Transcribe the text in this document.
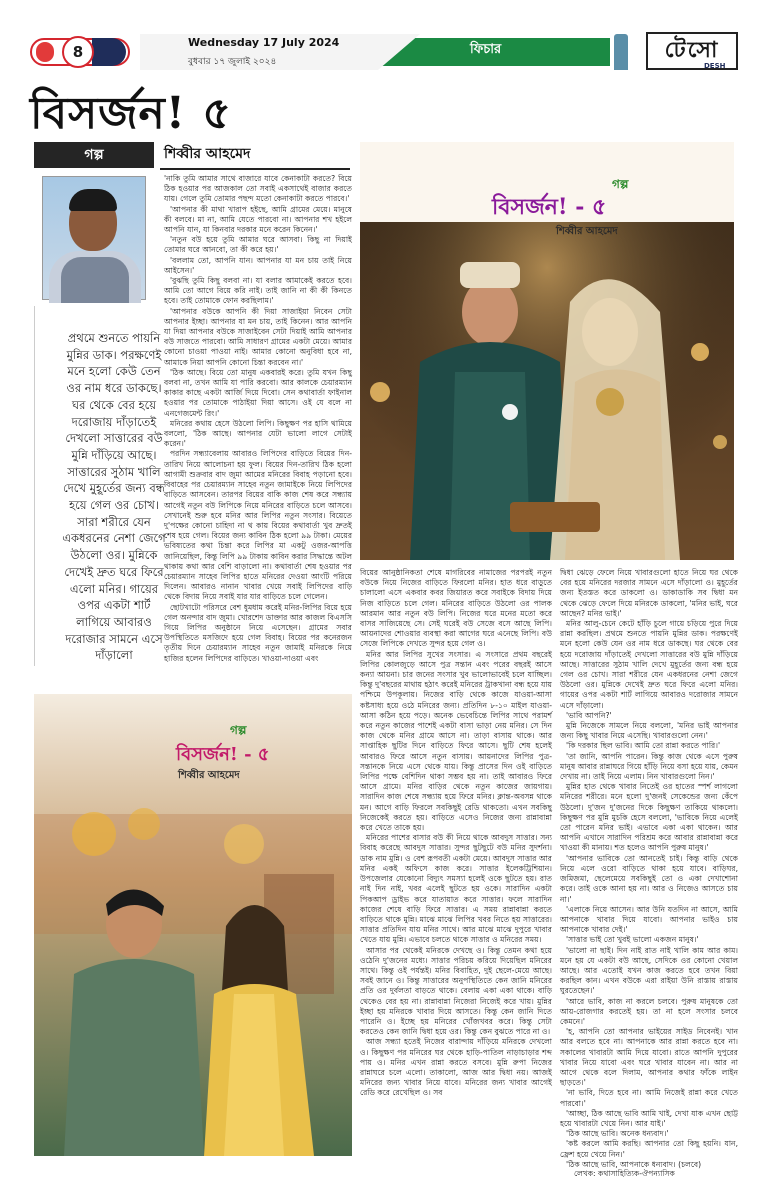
8
Wednesday 17 July 2024
বুধবার ১৭ জুলাই ২০২৪
ফিচার	টেসো
DESH
বিসর্জন! ৫
গল্প	শিব্বীর আহমেদ
প্রথমে শুনতে পায়নি মুন্নির ডাক। পরক্ষণেই মনে হলো কেউ তেন ওর নাম ধরে ডাকছে। ঘর থেকে বের হয়ে দরোজায় দাঁড়াতেই দেখলো সাত্তারের বউ মুন্নি দাঁড়িয়ে আছে। সাত্তারের সুঠাম খালি দেখে মুহূর্তের জন্য বন্ধ হয়ে গেল ওর চোখ। সারা শরীরে যেন একধরনের নেশা জেগে উঠলো ওর। মুন্নিকে দেখেই দ্রুত ঘরে ফিরে এলো মনির। গায়ের ওপর একটা শার্ট লাগিয়ে আবারও দরোজার সামনে এসে দাঁড়ালো

'নাকি তুমি আমার সাথে বাজারে যাবে কেনাকাটা করতে? বিয়ে ঠিক হওয়ার পর আজকাল তো সবাই একসাথেই বাজার করতে যায়। গেলে তুমি তোমার পছন্দ মতো কেনাকাটা করতে পারবে।'

'আপনার কী মাথা খারাপ হইছে, আমি গ্রামের মেয়ে। মানুষে কী বলবে। মা না, আমি যেতে পারবো না। আপনার শখ হইলে আপনি যান, যা কিনবার দরকার মনে করেন কিনেন।'

'নতুন বউ হয়ে তুমি আমার ঘরে আসবা। কিছু না দিয়াই তোমার ঘরে আনবো, তা কী করে হয়।'

'বললাম তো, আপনি যান। আপনার যা মন চায় তাই নিয়ে আইসেন।'

'বুঝছি তুমি কিছু বলবা না। যা বলার আমাকেই করতে হবে। আমি তো আগে বিয়ে করি নাই। তাই জানি না কী কী কিনতে হবে। তাই তোমাকে ফোন করছিলাম।'

'আপনার বউকে আপনি কী দিয়া সাজাইয়া নিবেন সেটা আপনার ইচ্ছা। আপনার যা মন চায়, তাই কিনেন। আর আপনি যা দিয়া আপনার বউকে সাজাইবেন সেটা দিয়াই আমি আপনার বউ সাজতে পারবো। আমি সাধারণ গ্রামের একটা মেয়ে। আমার কোনো চাওয়া পাওয়া নাই। আমার কোনো অনুবিধা হবে না, আমাকে নিয়া আপনি কোনো চিন্তা করবেন না।'

'ঠিক আছে। বিয়ে তো মানুষ একবারই করে। তুমি যখন কিছু বলবা না, তখন আমি যা পারি করবো। আর কালকে চেয়ারম্যান কাকার কাছে একটা আর্জি দিয়ে দিবো। সেন কথাবার্তা ফাইনাল হওয়ার পর তোমাকে পাঠাইয়া দিয়া আসে। ওই যে বলে না এনগেজমেন্ট রিং।'

মনিরের কথায় হেসে উঠলো লিপি। কিছুক্ষণ পর হাসি থামিয়ে বললো, 'ঠিক আছে। আপনার যেটা ভালো লাগে সেটাই করেন।'

পরদিন সন্ধ্যাবেলায় আবারও লিপিদের বাড়িতে বিয়ের দিন-তারিখ নিয়ে আলোচনা হয় ফুল। বিয়ের দিন-তারিখ ঠিক হলো আগামী শুক্রবার বাদ জুমা আমের মনিরের বিবাহ পড়ানো হবে। বিবাহের পর চেয়ারম্যান সাহেব নতুন জামাইকে নিয়ে লিপিদের বাড়িতে আসবেন। তারপর বিয়ের বাকি কাজ শেষ করে সন্ধ্যায় আগেই নতুন বউ লিপিকে নিয়ে মনিরের বাড়িতে চলে আসবে। সেখানেই শুরু হবে মনির আর লিপির নতুন সংসার। বিয়েতে দু'পক্ষের কোনো চাহিদা না থ কায় বিয়ের কথাবার্তা খুব দ্রুতই শেষ হয়ে গেল। বিয়ের জন্য কাবিন ঠিক হলো ৯৯ টাকা। মেয়ের ভবিষ্যতের কথা চিন্তা করে লিপির মা একটু ওজর-আপত্তি জানিয়েছিল, কিন্তু লিপি ৯৯ টাকায় কাবিন করার সিদ্ধান্তে অটল থাকায় কথা আর বেশি বাড়ালো না। কথাবার্তা শেষ হওয়ার পর চেয়ারম্যান সাহেব লিপির হাতে মনিরের দেওয়া আংটি পরিয়ে দিলেন। আবারও নানান খাবার খেয়ে সবাই লিপিদের বাড়ি থেকে বিদায় নিয়ে সবাই যার যার বাড়িতে চলে গেলেন।

ছোটখাটো পরিসরে বেশ ধুমধাম করেই মনির-লিপির বিয়ে হয়ে গেল অনন্দার বাদ জুমা। খোরশেদ ডাক্তার আর কাজল বিএসসি গিয়ে লিপির অনুষ্ঠানে নিয়ে এসেছেন। গ্রামের সবার উপস্থিতিতে মসজিদে হয়ে গেল বিবাহ। বিয়ের পর কনেরজন তৃতীয় দিনে চেয়ারম্যান সাহেব নতুন জামাই মনিরকে নিয়ে হাজির হলেন লিপিদের বাড়িতে। খাওয়া-দাওয়া এবং

গল্প
বিসর্জন! - ৫
শিব্বীর আহমেদ

বিয়ের আনুষ্ঠানিকতা শেষে মাগরিবের নামাজের পরপরই নতুন বউকে নিয়ে নিজের বাড়িতে ফিরলো মনির। হাত ধরে বাড়ুতে চালালো এসে একবার কবর জিয়ারত করে সবাইকে বিদায় দিয়ে নিজ বাড়িতে চলে গেল। মনিরের বাড়িতে উঠলো ওর পালক আরমান আর নতুন বউ লিপি। নিজের ঘরে মনের মতো করে বাসর সাজিয়েছে সে। সেই ঘরেই বউ সেজে বসে আছে লিপি। আয়নাদের শোওয়ার ব্যবস্থা করা আগের ঘরে এনেছে লিপি। বউ সেজে লিপিকে দেখতে সুন্দর হয়ে গেল ও।

মনির আর লিপির সুখের সংসার। এ সংসারে প্রথম বছরেই লিপির কোলজুড়ে আসে পুত্র সন্তান এবং পরের বছরই আসে কন্যা আয়না। চার জনের সংসার খুব ভালোভাবেই চলে যাচ্ছিল। কিন্তু দু'বছরের মাথায় হঠাৎ করেই মনিরের ট্রাকখানা বন্ধ হয়ে যায় পশ্চিমে উপকূলায়। নিজের বাড়ি থেকে কাজে যাওয়া-আসা কষ্টসাধ্য হয়ে ওঠে মনিরের জন্য। প্রতিদিন ৮-১০ মাইল যাওয়া-আসা কঠিন হয়ে পড়ে। অনেক ভেবেচিন্তে লিপির সাথে পরামর্শ করে নতুন কাজের পাশেই একটা বাসা ভাড়া নেয় মনির। সে দিন কাজ থেকে মনির গ্রামে আসে না। তাড়া বাসায় থাকে। আর সাপ্তাহিক ছুটির দিনে বাড়িতে ফিরে আসে। ছুটি শেষ হলেই আবারও ফিরে আসে নতুন বাসায়। আয়নাদের লিপির পুত্র-সন্তানকে নিয়ে এসে থেকে যায়। কিন্তু প্রাসের দিন ওই বাড়িতে লিপির পক্ষে বেশিদিন থাকা সম্ভব হয় না। তাই আবারও ফিরে আসে গ্রামে। মনির বাড়ির থেকে নতুন কাজের জায়গায়। সারাদিন কাজ শেষে সন্ধ্যায় হয়ে ফিরে মনির। ক্লান্ত-অবসন্ন থাকে মন। আগে বাড়ি ফিরলে সবকিছুই রেডি থাকতো। এখন সবকিছু নিজেকেই করতে হয়। বাড়িতে এসেও নিজের জন্য রান্নাবান্না করে খেতে তাকে হয়।

মনিরের পাশের বাসার বউ কী নিয়ে থাকে আবদুস সাত্তার। সন্য বিবাহ করেছে আবদুস সাত্তার। সুন্দর ছুটছুটে বউ মনির সুদর্শনা। ডাক নাম মুন্নি। ও বেশ রূপবতী একটা মেয়ে। আবদুস সাত্তার আর মনির একই অফিসে কাজ করে। সাত্তার ইলেকট্রিশিয়ান। উপজেলার যেকোনো বিদ্যুৎ সমস্যা হলেই ওকে ছুটতে হয়। রাত নাই দিন নাই, খবর এলেই ছুটতে হয় ওকে। সারাদিন একটা পিকআপ ড্রাইভ করে যাতায়াত করে সাত্তার। ফলে সারাদিন কাজের শেষে বাড়ি ফিরে সাত্তার। এ সময় রান্নাবান্না করতে বাড়িতে থাকে মুন্নি। মাঝে মাঝে লিপির খবর নিতে হয় সাত্তারের। সাত্তার প্রতিদিন যায় মনির সাথে। আর মাঝে মাঝে দুপুরে খাবার খেতে যায় মুন্নি। এভাবে চলতে থাকে সাত্তার ও মনিরের সময়।

আসার পর থেকেই মনিরকে দেখছে ও। কিন্তু তেমন কথা হয়ে ওঠেনি দু'জনের মধ্যে। সাত্তার পরিচয় করিয়ে দিয়েছিল মনিরের সাথে। কিন্তু ওই পর্যন্তই। মনির বিবাহিত, দুই ছেলে-মেয়ে আছে। সবই জানে ও। কিন্তু সাত্তারের অনুপস্থিতিতে কেন জানি মনিরের প্রতি ওর দুর্বলতা বাড়তে থাকে। বেলায় একা একা থাকে। বাড়ি থেকেও বের হয় না। রান্নাবান্না নিজেরা নিজেই করে খায়। মুন্নির ইচ্ছা হয় মনিরকে খাবার দিয়ে আসতে। কিন্তু কেন জানি দিতে পারেনি ও। ইচ্ছে হয় মনিরের খোঁজখবর করে। কিন্তু সেটা করতেও কেন জানি দ্বিধা হয়ে ওর। কিন্তু কেন বুঝতে পারে না ও।

আজ সন্ধ্যা হতেই নিজের বারান্দায় দাঁড়িয়ে মনিরকে দেখলো ও। কিছুক্ষণ পর মনিরের ঘর থেকে হাড়ি-পাতিল নাড়াচাড়ার শব্দ পায় ও। মনির এখন রান্না করতে বসবে। মুন্নি রুপা নিজের রান্নাঘরে চলে এলো। তাকালো, আজ আর দ্বিধা নয়। আজই মনিরের জন্য খাবার নিয়ে যাবে। মনিরের জন্য খাবার আগেই রেডি করে রেখেছিল ও। সব

দ্বিধা ঝেড়ে ফেলে নিয়ে খাবারগুলো হাতে নিয়ে ঘর থেকে বের হয়ে মনিরের দরজার সামনে এসে দাঁড়ালো ও। মুহূর্তের জন্য ইতস্তত করে ডাকলো ও। ডাকাডাকি সব দ্বিধা মন থেকে ঝেড়ে ফেলে দিয়ে মনিরকে ডাকলো, 'মনির ভাই, ঘরে আছেন? মনির ভাই।'

মনির আলু-চেনে কেটে হাঁড়ি চুলে গায়ে চড়িয়ে পুরে দিয়ে রান্না করছিল। প্রথমে শুনতে পায়নি মুন্নির ডাক। পরক্ষণেই মনে হলো কেউ যেন ওর নাম ধরে ডাকছে। ঘর থেকে বের হয়ে দরোজায় দাঁড়াতেই দেখলো সাত্তারের বউ মুন্নি দাঁড়িয়ে আছে। সাত্তারের সুঠাম খালি দেখে মুহূর্তের জন্য বন্ধ হয়ে গেল ওর চোখ। সারা শরীরে যেন একধরনের নেশা জেগে উঠলো ওর। মুন্নিকে দেখেই দ্রুত ঘরে ফিরে এলো মনির। গায়ের ওপর একটা শার্ট লাগিয়ে আবারও দরোজার সামনে এসে দাঁড়ালো।

'ভাবি আপনি?'

মুন্নি নিজেকে সামলে নিয়ে বললো, 'মনির ভাই আপনার জন্য কিছু খাবার নিয়ে এসেছি। খাবারগুলো নেন।'

'কি দরকার ছিল ভাবি। আমি তো রান্না করতে পারি।'

'তা জানি, আপনি পারেন। কিন্তু কাজ থেকে এসে পুরুষ মানুষ আবার রান্নাঘরে গিয়ে হাঁড়ি নিয়ে বসা হয়ে যায়, কেমন দেখায় না। তাই নিয়ে এলাম। নিন খাবারগুলো নিন।'

মুন্নির হাত থেকে খাবার নিতেই ওর হাতের স্পর্শ লাগলো মনিরের শরীরে। মনে হলো দু'জনই সেকেন্ডের জন্য কেঁপে উঠলো। দু'জন দু'জনের দিকে কিছুক্ষণ তাকিয়ে থাকলো। কিছুক্ষণ পর মুন্নি মুচকি হেসে বললো, 'ভাবিকে নিয়ে এলেই তো পারেন মনির ভাই। এভাবে একা একা থাকেন। আর আপনি এখানে সারাদিন পরিশ্রম করে আবার রান্নাবান্না করে খাওয়া কী মানায়। শত হলেও আপনি পুরুষ মানুষ।'

'আপনার ভাবিকে তো আনতেই চাই। কিন্তু বাড়ি থেকে নিয়ে এলে ওরো বাড়িতে থাকা হয়ে যাবে। বাড়িঘর, জমিজমা, ছেলেমেয়ে সবকিছুই তো ও একা দেখাশোনা করে। তাই ওকে আনা হয় না। আর ও নিজেও আসতে চায় না।'

'এলাকে নিয়ে আসেন। আর উনি যতদিন না আসে, আমি আপনাকে খাবার দিয়ে যাবো। আপনার ভাইও চায় আপনাকে খাবার দেই।'

'সাত্তার ভাই তো খুবই ভালো একজন মানুষ।'

'ভালো না ছাই। দিন নাই রাত নাই খালি কাম আর কাম। মনে হয় যে একটা বউ আছে, সেদিকে ওর কোনো খেয়াল আছে। আর এতোই যখন কাজ করতে হবে তখন বিয়া করছিল কান। এখন বউকে এরা রাইয়া উনি রাস্তায় রাস্তায় ঘুরতেছেন।'

'আরে ভাবি, কাজ না করলে চলবে। পুরুষ মানুষকে তো আয়-রোজগার করতেই হয়। তা না হলে সংসার চলবে কেমনে।'

'হ, আপনি তো আপনার ভাইয়ের সাইড নিবেনই। খান আর বলতে হবে না। আপনাকে আর রান্না করতে হবে না। সকালের খাবারটা আমি দিয়ে যাবো। রাতে আপনি দুপুরের খাবার নিয়ে যাবো এবং ঘরে খাবার যাবেন না। আর না আগে থেকে বলে দিলাম, আপনার কথার ফাঁকে লাইন ছাড়তে।'

'না ভাবি, দিতে হবে না। আমি নিজেই রান্না করে খেতে পারবো।'

'আচ্ছা, ঠিক আছে ভাবি আমি খাই, দেখা যাক এখন ছোট্ট হয়ে খাবারটা খেয়ে নিন। আর যাই।'

'ঠিক আছে ভাবি। অনেক ধন্যবাদ।'

'কষ্ট করলে আমি করছি। আপনার তো কিছু হয়নি। যান, ফ্রেশ হয়ে খেয়ে নিন।'

'ঠিক আছে ভাবি, আপনাকে ধন্যবাদ। (চলবে)

লেখক: কথাসাহিত্যিক-ঔপন্যাসিক
গল্প
বিসর্জন! - ৫
শিব্বীর আহমেদ
